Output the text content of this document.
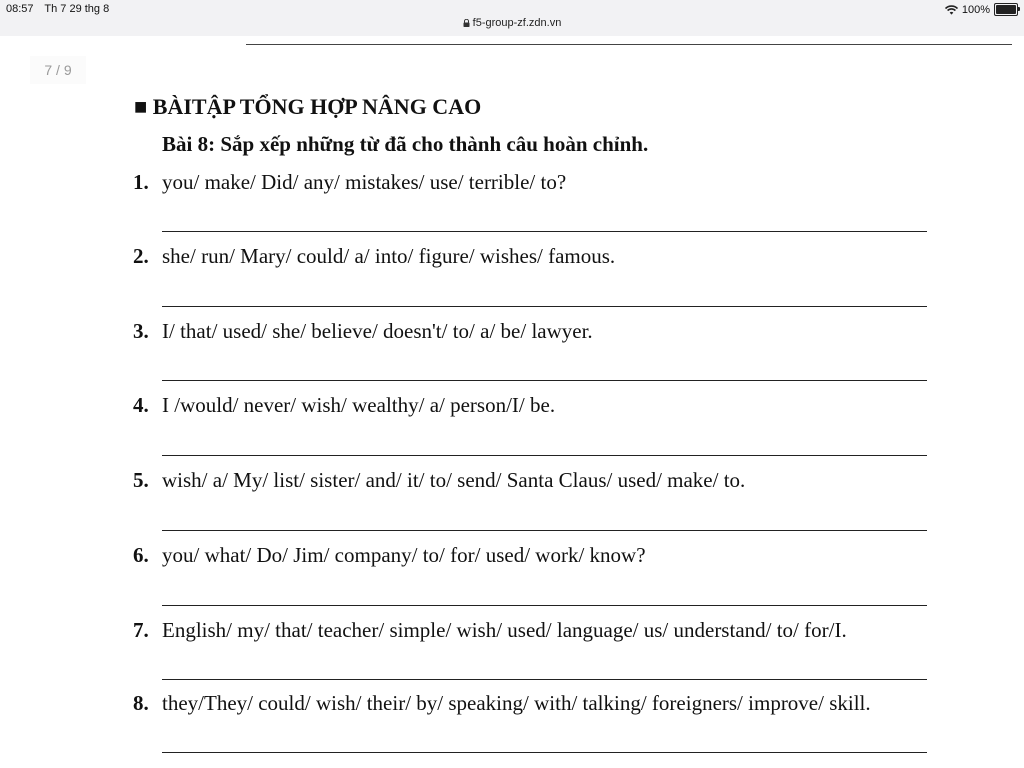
08:57 Th 7 29 thg 8
f5-group-zf.zdn.vn
100%
7 / 9
■ BÀITẬP TỔNG HỢP NÂNG CAO
Bài 8: Sắp xếp những từ đã cho thành câu hoàn chỉnh.
1. you/ make/ Did/ any/ mistakes/ use/ terrible/ to?
2. she/ run/ Mary/ could/ a/ into/ figure/ wishes/ famous.
3. I/ that/ used/ she/ believe/ doesn't/ to/ a/ be/ lawyer.
4. I /would/ never/ wish/ wealthy/ a/ person/I/ be.
5. wish/ a/ My/ list/ sister/ and/ it/ to/ send/ Santa Claus/ used/ make/ to.
6. you/ what/ Do/ Jim/ company/ to/ for/ used/ work/ know?
7. English/ my/ that/ teacher/ simple/ wish/ used/ language/ us/ understand/ to/ for/I.
8. they/They/ could/ wish/ their/ by/ speaking/ with/ talking/ foreigners/ improve/ skill.
